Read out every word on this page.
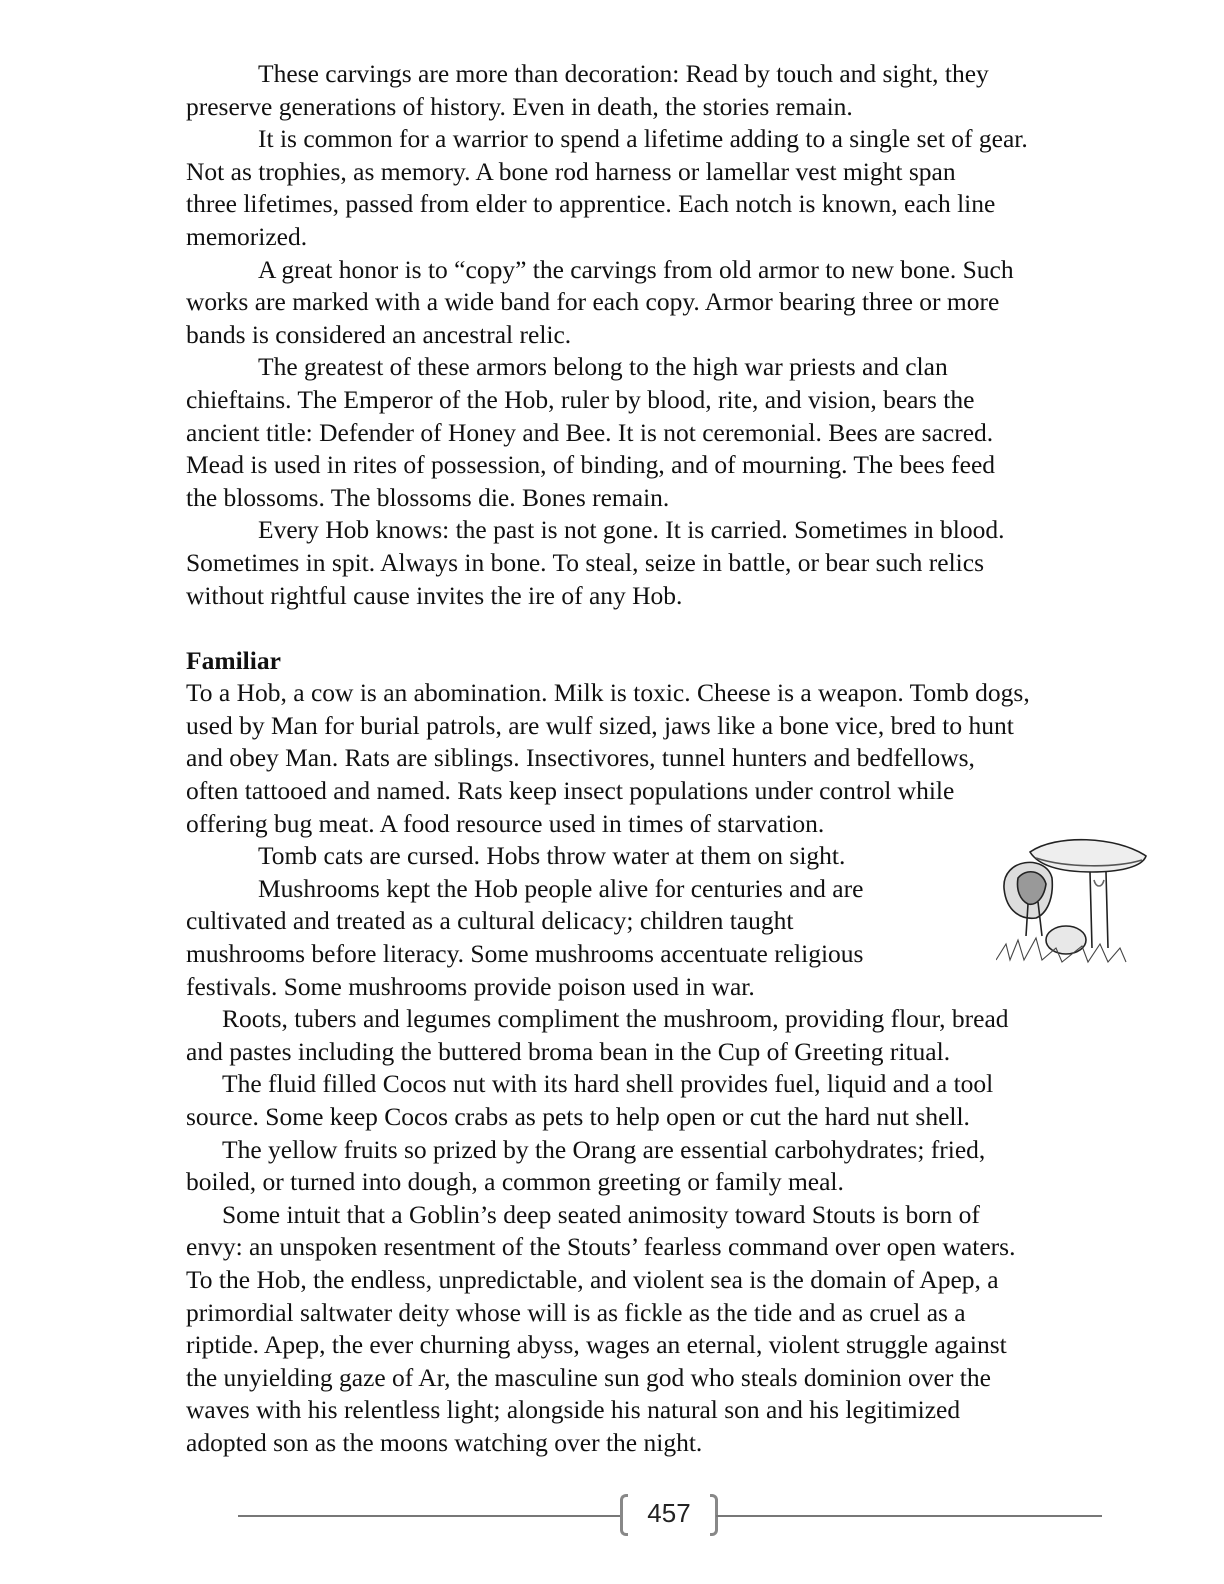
These carvings are more than decoration: Read by touch and sight, they
preserve generations of history. Even in death, the stories remain.
It is common for a warrior to spend a lifetime adding to a single set of gear.
Not as trophies, as memory. A bone rod harness or lamellar vest might span
three lifetimes, passed from elder to apprentice. Each notch is known, each line
memorized.
A great honor is to “copy” the carvings from old armor to new bone. Such
works are marked with a wide band for each copy. Armor bearing three or more
bands is considered an ancestral relic.
The greatest of these armors belong to the high war priests and clan
chieftains. The Emperor of the Hob, ruler by blood, rite, and vision, bears the
ancient title: Defender of Honey and Bee. It is not ceremonial. Bees are sacred.
Mead is used in rites of possession, of binding, and of mourning. The bees feed
the blossoms. The blossoms die. Bones remain.
Every Hob knows: the past is not gone. It is carried. Sometimes in blood.
Sometimes in spit. Always in bone. To steal, seize in battle, or bear such relics
without rightful cause invites the ire of any Hob.
Familiar
To a Hob, a cow is an abomination. Milk is toxic. Cheese is a weapon. Tomb dogs,
used by Man for burial patrols, are wulf sized, jaws like a bone vice, bred to hunt
and obey Man. Rats are siblings. Insectivores, tunnel hunters and bedfellows,
often tattooed and named. Rats keep insect populations under control while
offering bug meat. A food resource used in times of starvation.
Tomb cats are cursed. Hobs throw water at them on sight.
Mushrooms kept the Hob people alive for centuries and are
cultivated and treated as a cultural delicacy; children taught
mushrooms before literacy. Some mushrooms accentuate religious
festivals. Some mushrooms provide poison used in war.
Roots, tubers and legumes compliment the mushroom, providing flour, bread
and pastes including the buttered broma bean in the Cup of Greeting ritual.
The fluid filled Cocos nut with its hard shell provides fuel, liquid and a tool
source. Some keep Cocos crabs as pets to help open or cut the hard nut shell.
The yellow fruits so prized by the Orang are essential carbohydrates; fried,
boiled, or turned into dough, a common greeting or family meal.
Some intuit that a Goblin’s deep seated animosity toward Stouts is born of
envy: an unspoken resentment of the Stouts’ fearless command over open waters.
To the Hob, the endless, unpredictable, and violent sea is the domain of Apep, a
primordial saltwater deity whose will is as fickle as the tide and as cruel as a
riptide. Apep, the ever churning abyss, wages an eternal, violent struggle against
the unyielding gaze of Ar, the masculine sun god who steals dominion over the
waves with his relentless light; alongside his natural son and his legitimized
adopted son as the moons watching over the night.
457
